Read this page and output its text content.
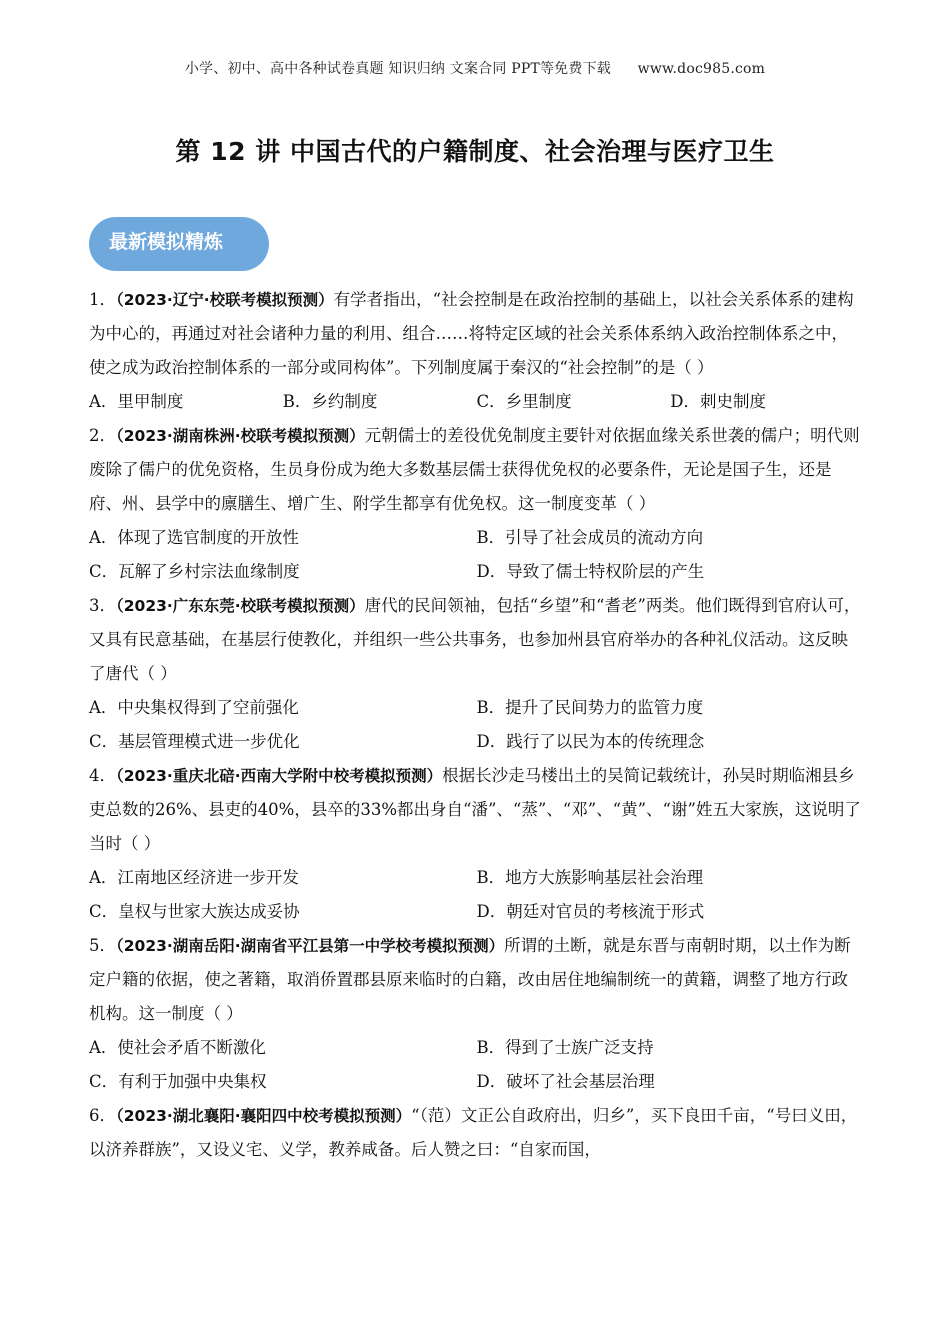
小学、初中、高中各种试卷真题 知识归纳 文案合同 PPT等免费下载 www.doc985.com
第 12 讲 中国古代的户籍制度、社会治理与医疗卫生
最新模拟精炼

1．（2023·辽宁·校联考模拟预测）有学者指出，“社会控制是在政治控制的基础上，以社会关系体系的建构为中心的，再通过对社会诸种力量的利用、组合……将特定区域的社会关系体系纳入政治控制体系之中，使之成为政治控制体系的一部分或同构体”。下列制度属于秦汉的“社会控制”的是（ ）

A．里甲制度	B．乡约制度	C．乡里制度	D．刺史制度

2．（2023·湖南株洲·校联考模拟预测）元朝儒士的差役优免制度主要针对依据血缘关系世袭的儒户；明代则废除了儒户的优免资格，生员身份成为绝大多数基层儒士获得优免权的必要条件，无论是国子生，还是府、州、县学中的廪膳生、增广生、附学生都享有优免权。这一制度变革（ ）

A．体现了选官制度的开放性	B．引导了社会成员的流动方向
C．瓦解了乡村宗法血缘制度	D．导致了儒士特权阶层的产生

3．（2023·广东东莞·校联考模拟预测）唐代的民间领袖，包括“乡望”和“耆老”两类。他们既得到官府认可，又具有民意基础，在基层行使教化，并组织一些公共事务，也参加州县官府举办的各种礼仪活动。这反映了唐代（ ）

A．中央集权得到了空前强化	B．提升了民间势力的监管力度
C．基层管理模式进一步优化	D．践行了以民为本的传统理念

4．（2023·重庆北碚·西南大学附中校考模拟预测）根据长沙走马楼出土的吴简记载统计，孙吴时期临湘县乡吏总数的26%、县吏的40%，县卒的33%都出身自“潘”、“蒸”、“邓”、“黄”、“谢”姓五大家族，这说明了当时（ ）

A．江南地区经济进一步开发	B．地方大族影响基层社会治理
C．皇权与世家大族达成妥协	D．朝廷对官员的考核流于形式

5．（2023·湖南岳阳·湖南省平江县第一中学校考模拟预测）所谓的土断，就是东晋与南朝时期，以土作为断定户籍的依据，使之著籍，取消侨置郡县原来临时的白籍，改由居住地编制统一的黄籍，调整了地方行政机构。这一制度（ ）

A．使社会矛盾不断激化	B．得到了士族广泛支持
C．有利于加强中央集权	D．破坏了社会基层治理

6．（2023·湖北襄阳·襄阳四中校考模拟预测）“（范）文正公自政府出，归乡”，买下良田千亩，“号曰义田，以济养群族”，又设义宅、义学，教养咸备。后人赞之曰：“自家而国，
